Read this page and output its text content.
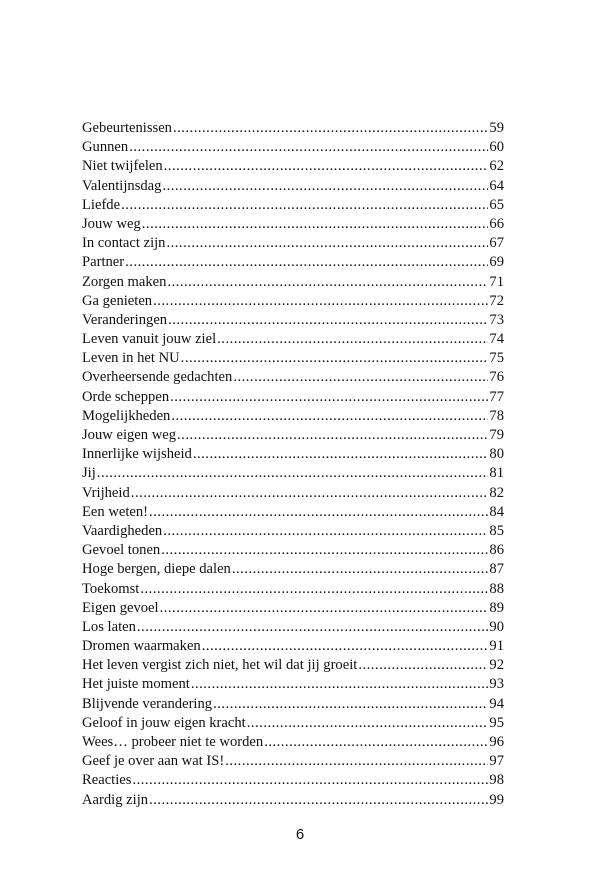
Gebeurtenissen .....	59
Gunnen .....	60
Niet twijfelen .....	62
Valentijnsdag .....	64
Liefde .....	65
Jouw weg .....	66
In contact zijn .....	67
Partner .....	69
Zorgen maken .....	71
Ga genieten .....	72
Veranderingen .....	73
Leven vanuit jouw ziel .....	74
Leven in het NU .....	75
Overheersende gedachten .....	76
Orde scheppen .....	77
Mogelijkheden .....	78
Jouw eigen weg .....	79
Innerlijke wijsheid .....	80
Jij .....	81
Vrijheid .....	82
Een weten! .....	84
Vaardigheden .....	85
Gevoel tonen .....	86
Hoge bergen, diepe dalen .....	87
Toekomst .....	88
Eigen gevoel .....	89
Los laten .....	90
Dromen waarmaken .....	91
Het leven vergist zich niet, het wil dat jij groeit .....	92
Het juiste moment .....	93
Blijvende verandering .....	94
Geloof in jouw eigen kracht .....	95
Wees… probeer niet te worden .....	96
Geef je over aan wat IS! .....	97
Reacties .....	98
Aardig zijn .....	99
6
